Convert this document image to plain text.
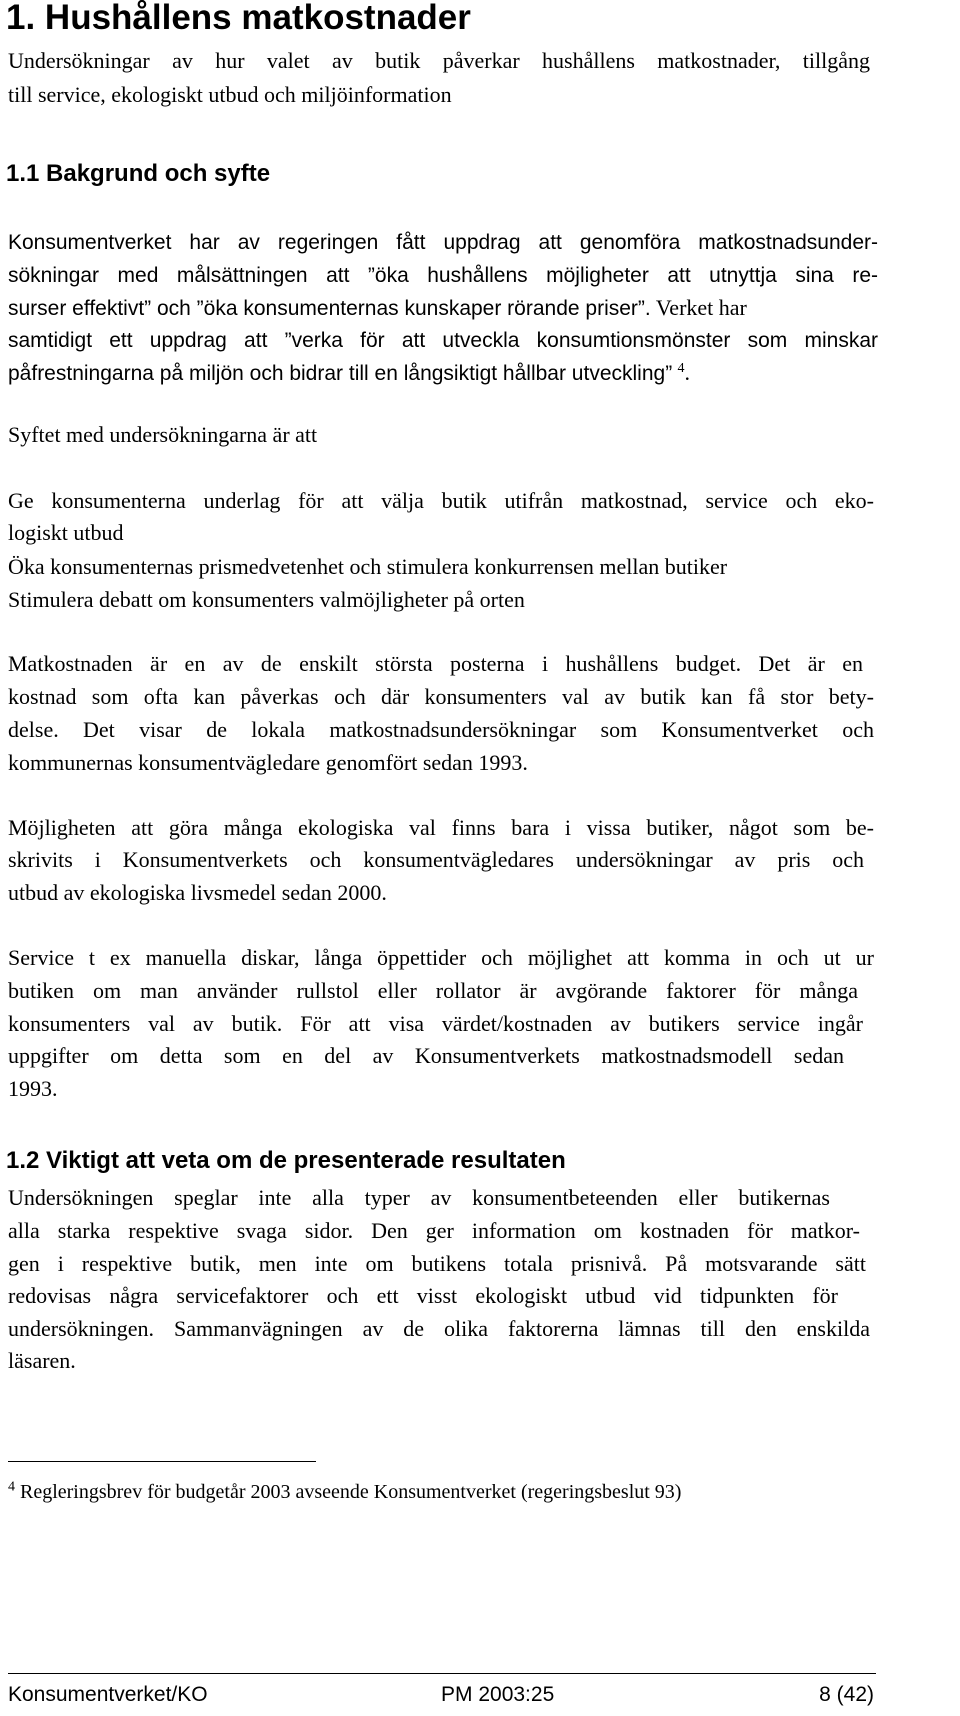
1. Hushållens matkostnader
Undersökningar av hur valet av butik påverkar hushållens matkostnader, tillgång
till service, ekologiskt utbud och miljöinformation
1.1 Bakgrund och syfte
Konsumentverket har av regeringen fått uppdrag att genomföra matkostnadsunder-
sökningar med målsättningen att ”öka hushållens möjligheter att utnyttja sina re-
surser effektivt” och ”öka konsumenternas kunskaper rörande priser”. Verket har
samtidigt ett uppdrag att ”verka för att utveckla konsumtionsmönster som minskar
påfrestningarna på miljön och bidrar till en långsiktigt hållbar utveckling” $^4$.
Syftet med undersökningarna är att
Ge konsumenterna underlag för att välja butik utifrån matkostnad, service och eko-
logiskt utbud
Öka konsumenternas prismedvetenhet och stimulera konkurrensen mellan butiker
Stimulera debatt om konsumenters valmöjligheter på orten
Matkostnaden är en av de enskilt största posterna i hushållens budget. Det är en
kostnad som ofta kan påverkas och där konsumenters val av butik kan få stor bety-
delse. Det visar de lokala matkostnadsundersökningar som Konsumentverket och
kommunernas konsumentvägledare genomfört sedan 1993.
Möjligheten att göra många ekologiska val finns bara i vissa butiker, något som be-
skrivits i Konsumentverkets och konsumentvägledares undersökningar av pris och
utbud av ekologiska livsmedel sedan 2000.
Service t ex manuella diskar, långa öppettider och möjlighet att komma in och ut ur
butiken om man använder rullstol eller rollator är avgörande faktorer för många
konsumenters val av butik. För att visa värdet/kostnaden av butikers service ingår
uppgifter om detta som en del av Konsumentverkets matkostnadsmodell sedan
1993.
1.2 Viktigt att veta om de presenterade resultaten
Undersökningen speglar inte alla typer av konsumentbeteenden eller butikernas
alla starka respektive svaga sidor. Den ger information om kostnaden för matkor-
gen i respektive butik, men inte om butikens totala prisnivå. På motsvarande sätt
redovisas några servicefaktorer och ett visst ekologiskt utbud vid tidpunkten för
undersökningen. Sammanvägningen av de olika faktorerna lämnas till den enskilda
läsaren.
$^4$ Regleringsbrev för budgetår 2003 avseende Konsumentverket (regeringsbeslut 93)
Konsumentverket/KO	PM 2003:25	8 (42)
